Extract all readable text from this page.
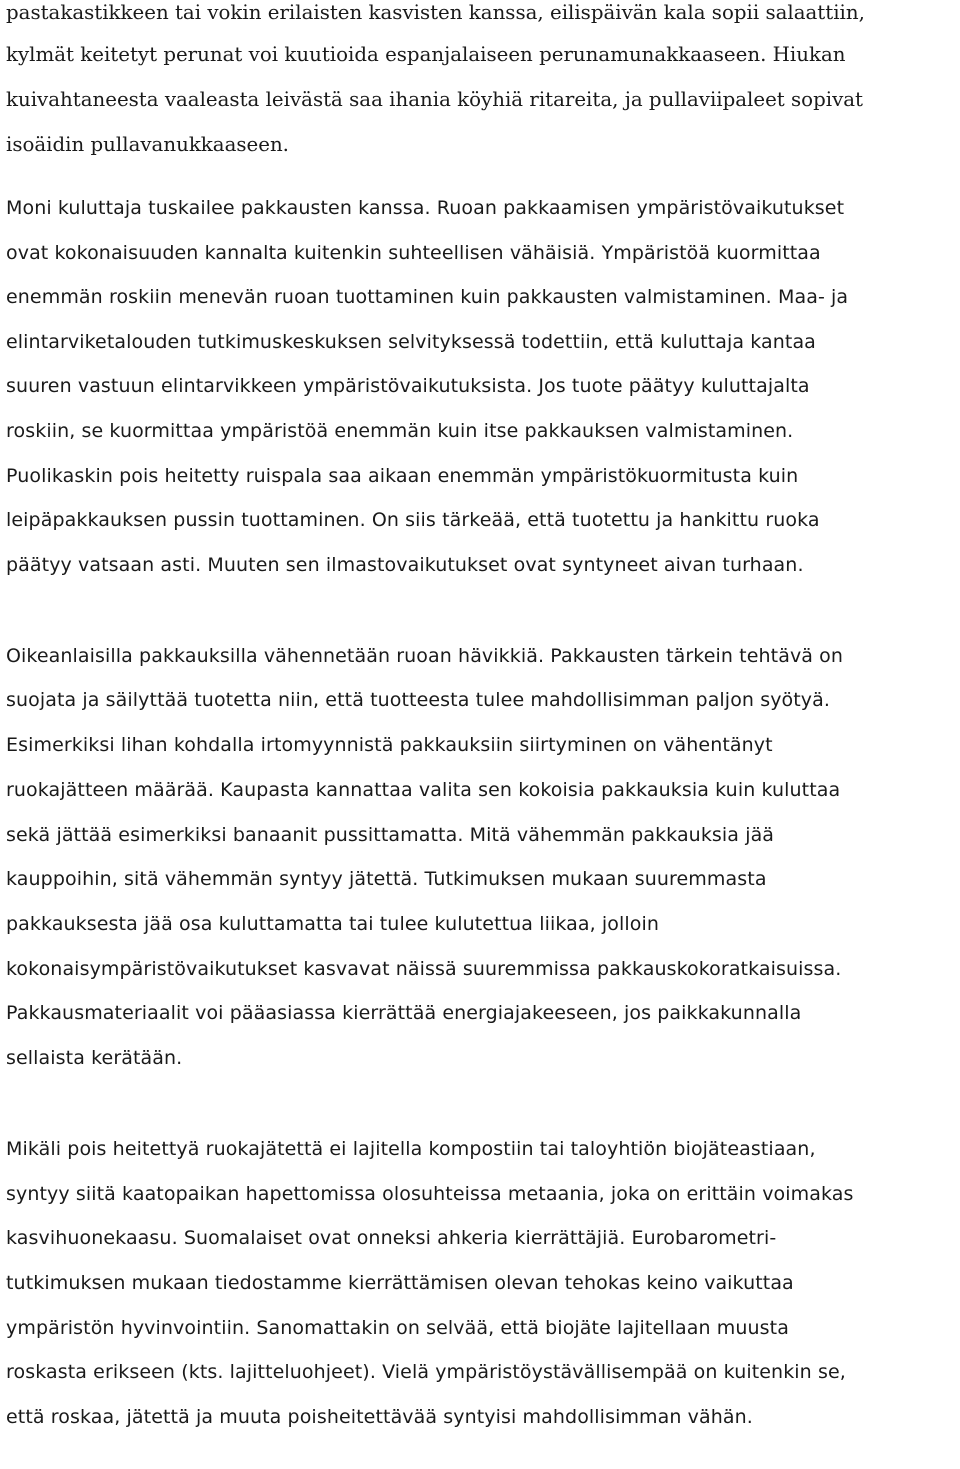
pastakastikkeen tai vokin erilaisten kasvisten kanssa, eilispäivän kala sopii salaattiin,
kylmät keitetyt perunat voi kuutioida espanjalaiseen perunamunakkaaseen. Hiukan
kuivahtaneesta vaaleasta leivästä saa ihania köyhiä ritareita, ja pullaviipaleet sopivat
isoäidin pullavanukkaaseen.
Moni kuluttaja tuskailee pakkausten kanssa. Ruoan pakkaamisen ympäristövaikutukset
ovat kokonaisuuden kannalta kuitenkin suhteellisen vähäisiä. Ympäristöä kuormittaa
enemmän roskiin menevän ruoan tuottaminen kuin pakkausten valmistaminen. Maa- ja
elintarviketalouden tutkimuskeskuksen selvityksessä todettiin, että kuluttaja kantaa
suuren vastuun elintarvikkeen ympäristövaikutuksista. Jos tuote päätyy kuluttajalta
roskiin, se kuormittaa ympäristöä enemmän kuin itse pakkauksen valmistaminen.
Puolikaskin pois heitetty ruispala saa aikaan enemmän ympäristökuormitusta kuin
leipäpakkauksen pussin tuottaminen. On siis tärkeää, että tuotettu ja hankittu ruoka
päätyy vatsaan asti. Muuten sen ilmastovaikutukset ovat syntyneet aivan turhaan.
Oikeanlaisilla pakkauksilla vähennetään ruoan hävikkiä. Pakkausten tärkein tehtävä on
suojata ja säilyttää tuotetta niin, että tuotteesta tulee mahdollisimman paljon syötyä.
Esimerkiksi lihan kohdalla irtomyynnistä pakkauksiin siirtyminen on vähentänyt
ruokajätteen määrää. Kaupasta kannattaa valita sen kokoisia pakkauksia kuin kuluttaa
sekä jättää esimerkiksi banaanit pussittamatta. Mitä vähemmän pakkauksia jää
kauppoihin, sitä vähemmän syntyy jätettä. Tutkimuksen mukaan suuremmasta
pakkauksesta jää osa kuluttamatta tai tulee kulutettua liikaa, jolloin
kokonaisympäristövaikutukset kasvavat näissä suuremmissa pakkauskokoratkaisuissa.
Pakkausmateriaalit voi pääasiassa kierrättää energiajakeeseen, jos paikkakunnalla
sellaista kerätään.
Mikäli pois heitettyä ruokajätettä ei lajitella kompostiin tai taloyhtiön biojäteastiaan,
syntyy siitä kaatopaikan hapettomissa olosuhteissa metaania, joka on erittäin voimakas
kasvihuonekaasu. Suomalaiset ovat onneksi ahkeria kierrättäjiä. Eurobarometri-
tutkimuksen mukaan tiedostamme kierrättämisen olevan tehokas keino vaikuttaa
ympäristön hyvinvointiin. Sanomattakin on selvää, että biojäte lajitellaan muusta
roskasta erikseen (kts. lajitteluohjeet). Vielä ympäristöystävällisempää on kuitenkin se,
että roskaa, jätettä ja muuta poisheitettävää syntyisi mahdollisimman vähän.
